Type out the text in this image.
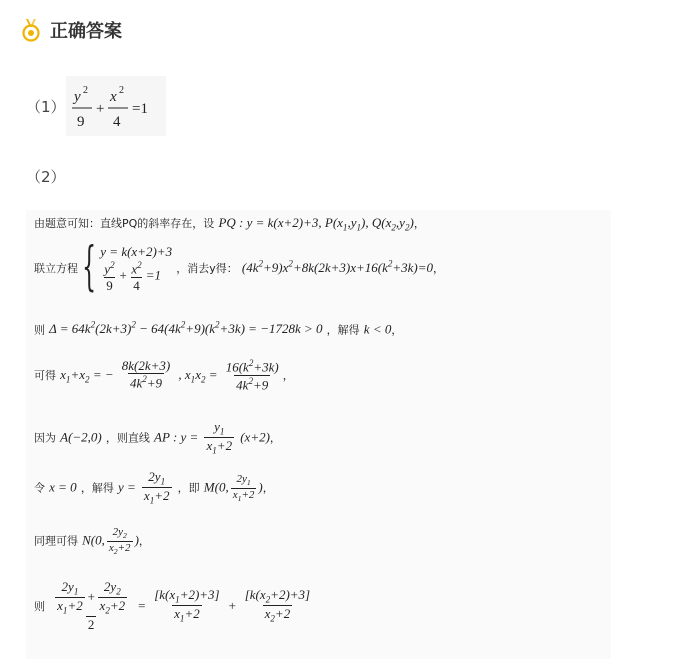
正确答案
（1）
y 2
9
+
x 2
4
=1
（2）
由题意可知：直线PQ的斜率存在，设 PQ : y = k(x+2)+3, $P(x_1,y_1)$, $Q(x_2,y_2)$，
联立方程 { y = k(x+2)+3
$\frac{y^2}{9} + \frac{x^2}{4} =1$	，消去y得： $(4k^2+9)x^2+8k(2k+3)x+16(k^2+3k)=0$，
则 $\Delta = 64k^2(2k+3)^2 - 64(4k^2+9)(k^2+3k) = -1728k > 0$ ，解得 k < 0，
可得 $x_1+x_2$ = − $\frac{8k(2k+3)}{4k^2+9}$ , $x_1x_2 = \frac{16(k^2+3k)}{4k^2+9}$ ，
因为 A(−2,0) ，则直线 AP : $y = \frac{y_1}{x_1+2} (x+2)$，
令 x = 0 ，解得 $y = \frac{2y_1}{x_1+2}$ ，即 M(0, $\frac{2y_1}{x_1+2}$ )，
同理可得 N(0, $\frac{2y_2}{x_2+2}$ )，
则 $\frac{\frac{2y_1}{x_1+2} + \frac{2y_2}{x_2+2}}{2} = \frac{[k(x_1+2)+3]}{x_1+2} + \frac{[k(x_2+2)+3]}{x_2+2}$
